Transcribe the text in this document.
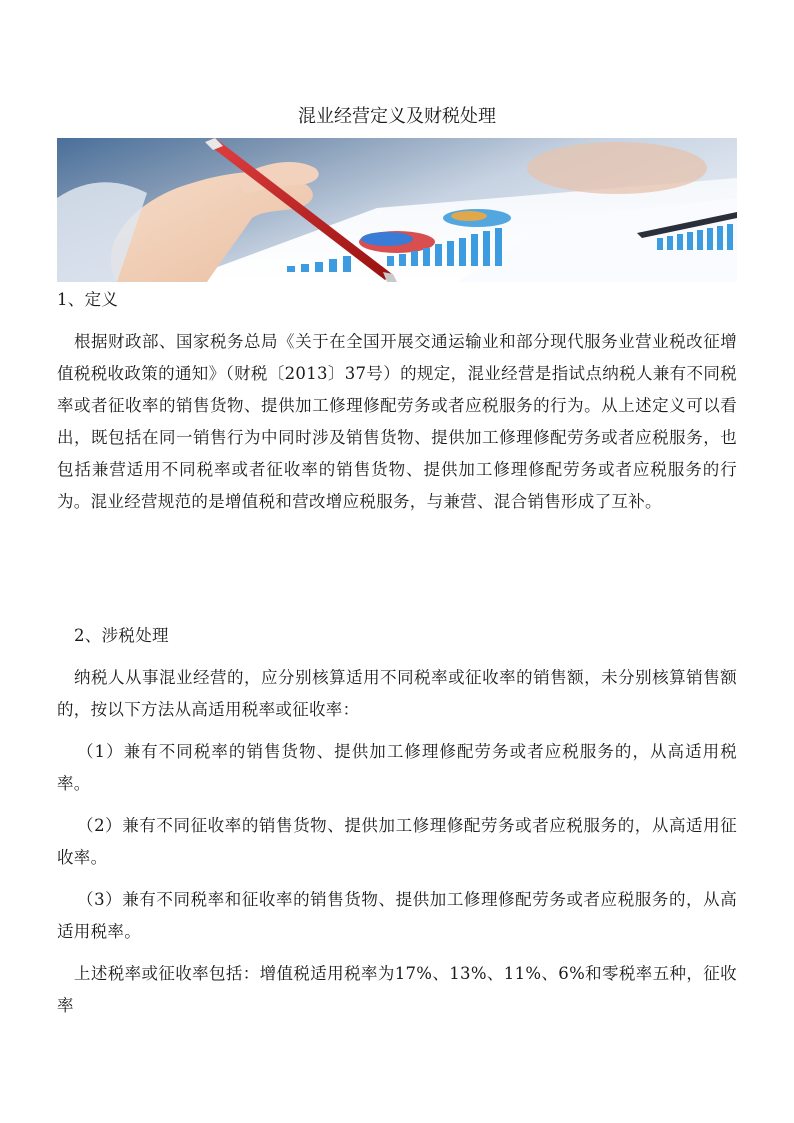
混业经营定义及财税处理

1、定义

根据财政部、国家税务总局《关于在全国开展交通运输业和部分现代服务业营业税改征增值税税收政策的通知》（财税〔2013〕37号）的规定，混业经营是指试点纳税人兼有不同税率或者征收率的销售货物、提供加工修理修配劳务或者应税服务的行为。从上述定义可以看出，既包括在同一销售行为中同时涉及销售货物、提供加工修理修配劳务或者应税服务，也包括兼营适用不同税率或者征收率的销售货物、提供加工修理修配劳务或者应税服务的行为。混业经营规范的是增值税和营改增应税服务，与兼营、混合销售形成了互补。

2、涉税处理

纳税人从事混业经营的，应分别核算适用不同税率或征收率的销售额，未分别核算销售额的，按以下方法从高适用税率或征收率：

（1）兼有不同税率的销售货物、提供加工修理修配劳务或者应税服务的，从高适用税率。

（2）兼有不同征收率的销售货物、提供加工修理修配劳务或者应税服务的，从高适用征收率。

（3）兼有不同税率和征收率的销售货物、提供加工修理修配劳务或者应税服务的，从高适用税率。

上述税率或征收率包括：增值税适用税率为17%、13%、11%、6%和零税率五种，征收率
